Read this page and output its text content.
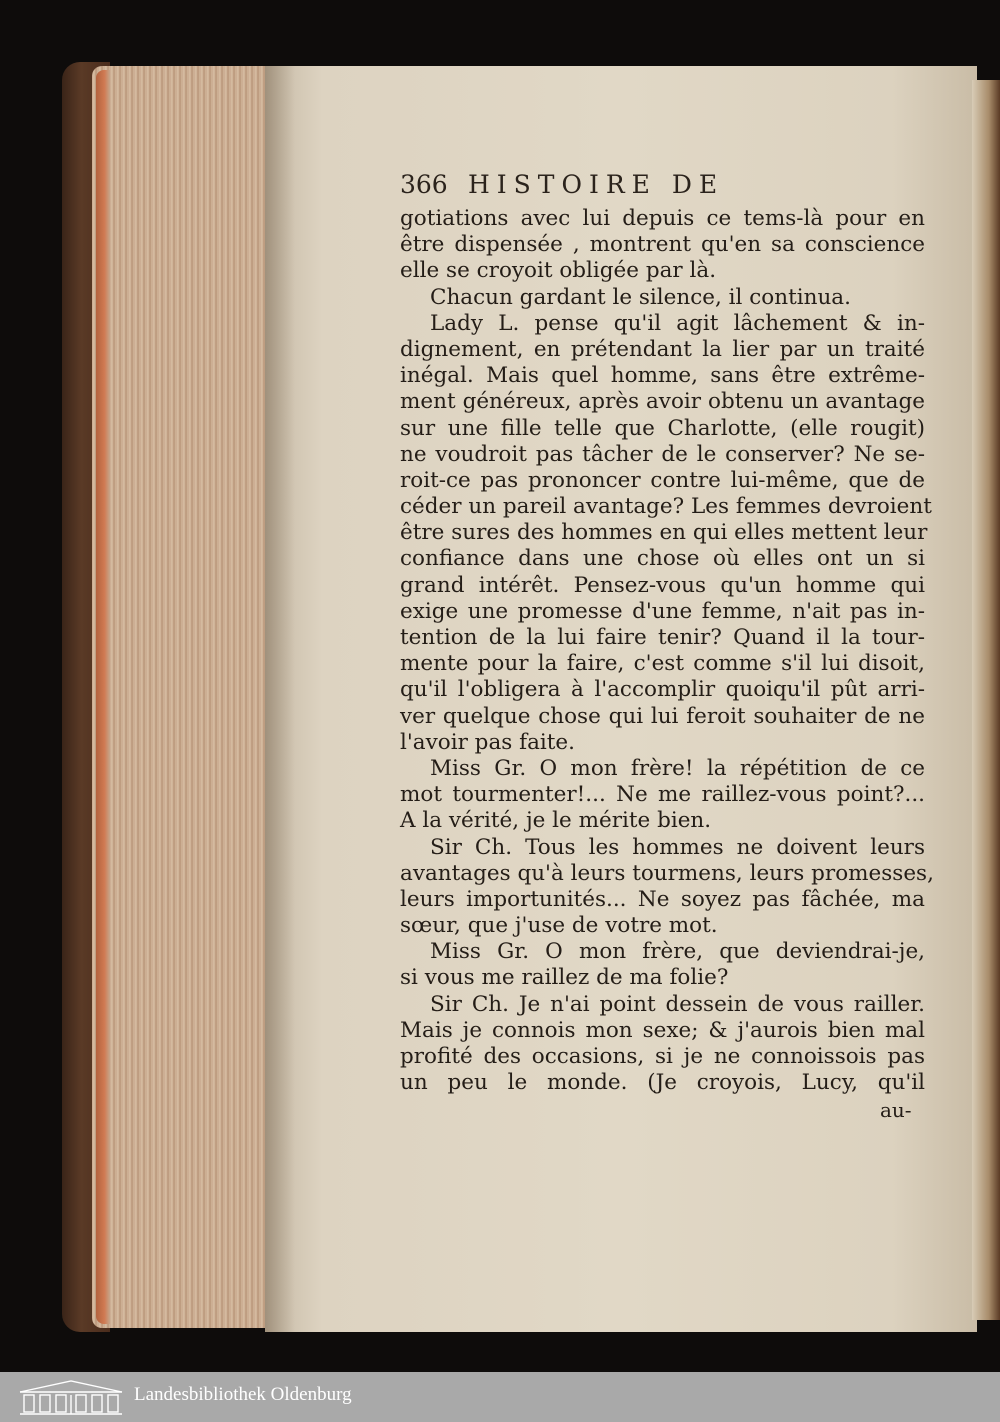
366 HISTOIRE DE
gotiations avec lui depuis ce tems-là pour en
être dispensée , montrent qu'en sa conscience
elle se croyoit obligée par là.
Chacun gardant le silence, il continua.
Lady L. pense qu'il agit lâchement & in-
dignement, en prétendant la lier par un traité
inégal. Mais quel homme, sans être extrême-
ment généreux, après avoir obtenu un avantage
sur une fille telle que Charlotte, (elle rougit)
ne voudroit pas tâcher de le conserver? Ne se-
roit-ce pas prononcer contre lui-même, que de
céder un pareil avantage? Les femmes devroient
être sures des hommes en qui elles mettent leur
confiance dans une chose où elles ont un si
grand intérêt. Pensez-vous qu'un homme qui
exige une promesse d'une femme, n'ait pas in-
tention de la lui faire tenir? Quand il la tour-
mente pour la faire, c'est comme s'il lui disoit,
qu'il l'obligera à l'accomplir quoiqu'il pût arri-
ver quelque chose qui lui feroit souhaiter de ne
l'avoir pas faite.
Miss Gr. O mon frère! la répétition de ce
mot tourmenter!... Ne me raillez-vous point?...
A la vérité, je le mérite bien.
Sir Ch. Tous les hommes ne doivent leurs
avantages qu'à leurs tourmens, leurs promesses,
leurs importunités... Ne soyez pas fâchée, ma
sœur, que j'use de votre mot.
Miss Gr. O mon frère, que deviendrai-je,
si vous me raillez de ma folie?
Sir Ch. Je n'ai point dessein de vous railler.
Mais je connois mon sexe; & j'aurois bien mal
profité des occasions, si je ne connoissois pas
un peu le monde. (Je croyois, Lucy, qu'il
au-
Landesbibliothek Oldenburg
